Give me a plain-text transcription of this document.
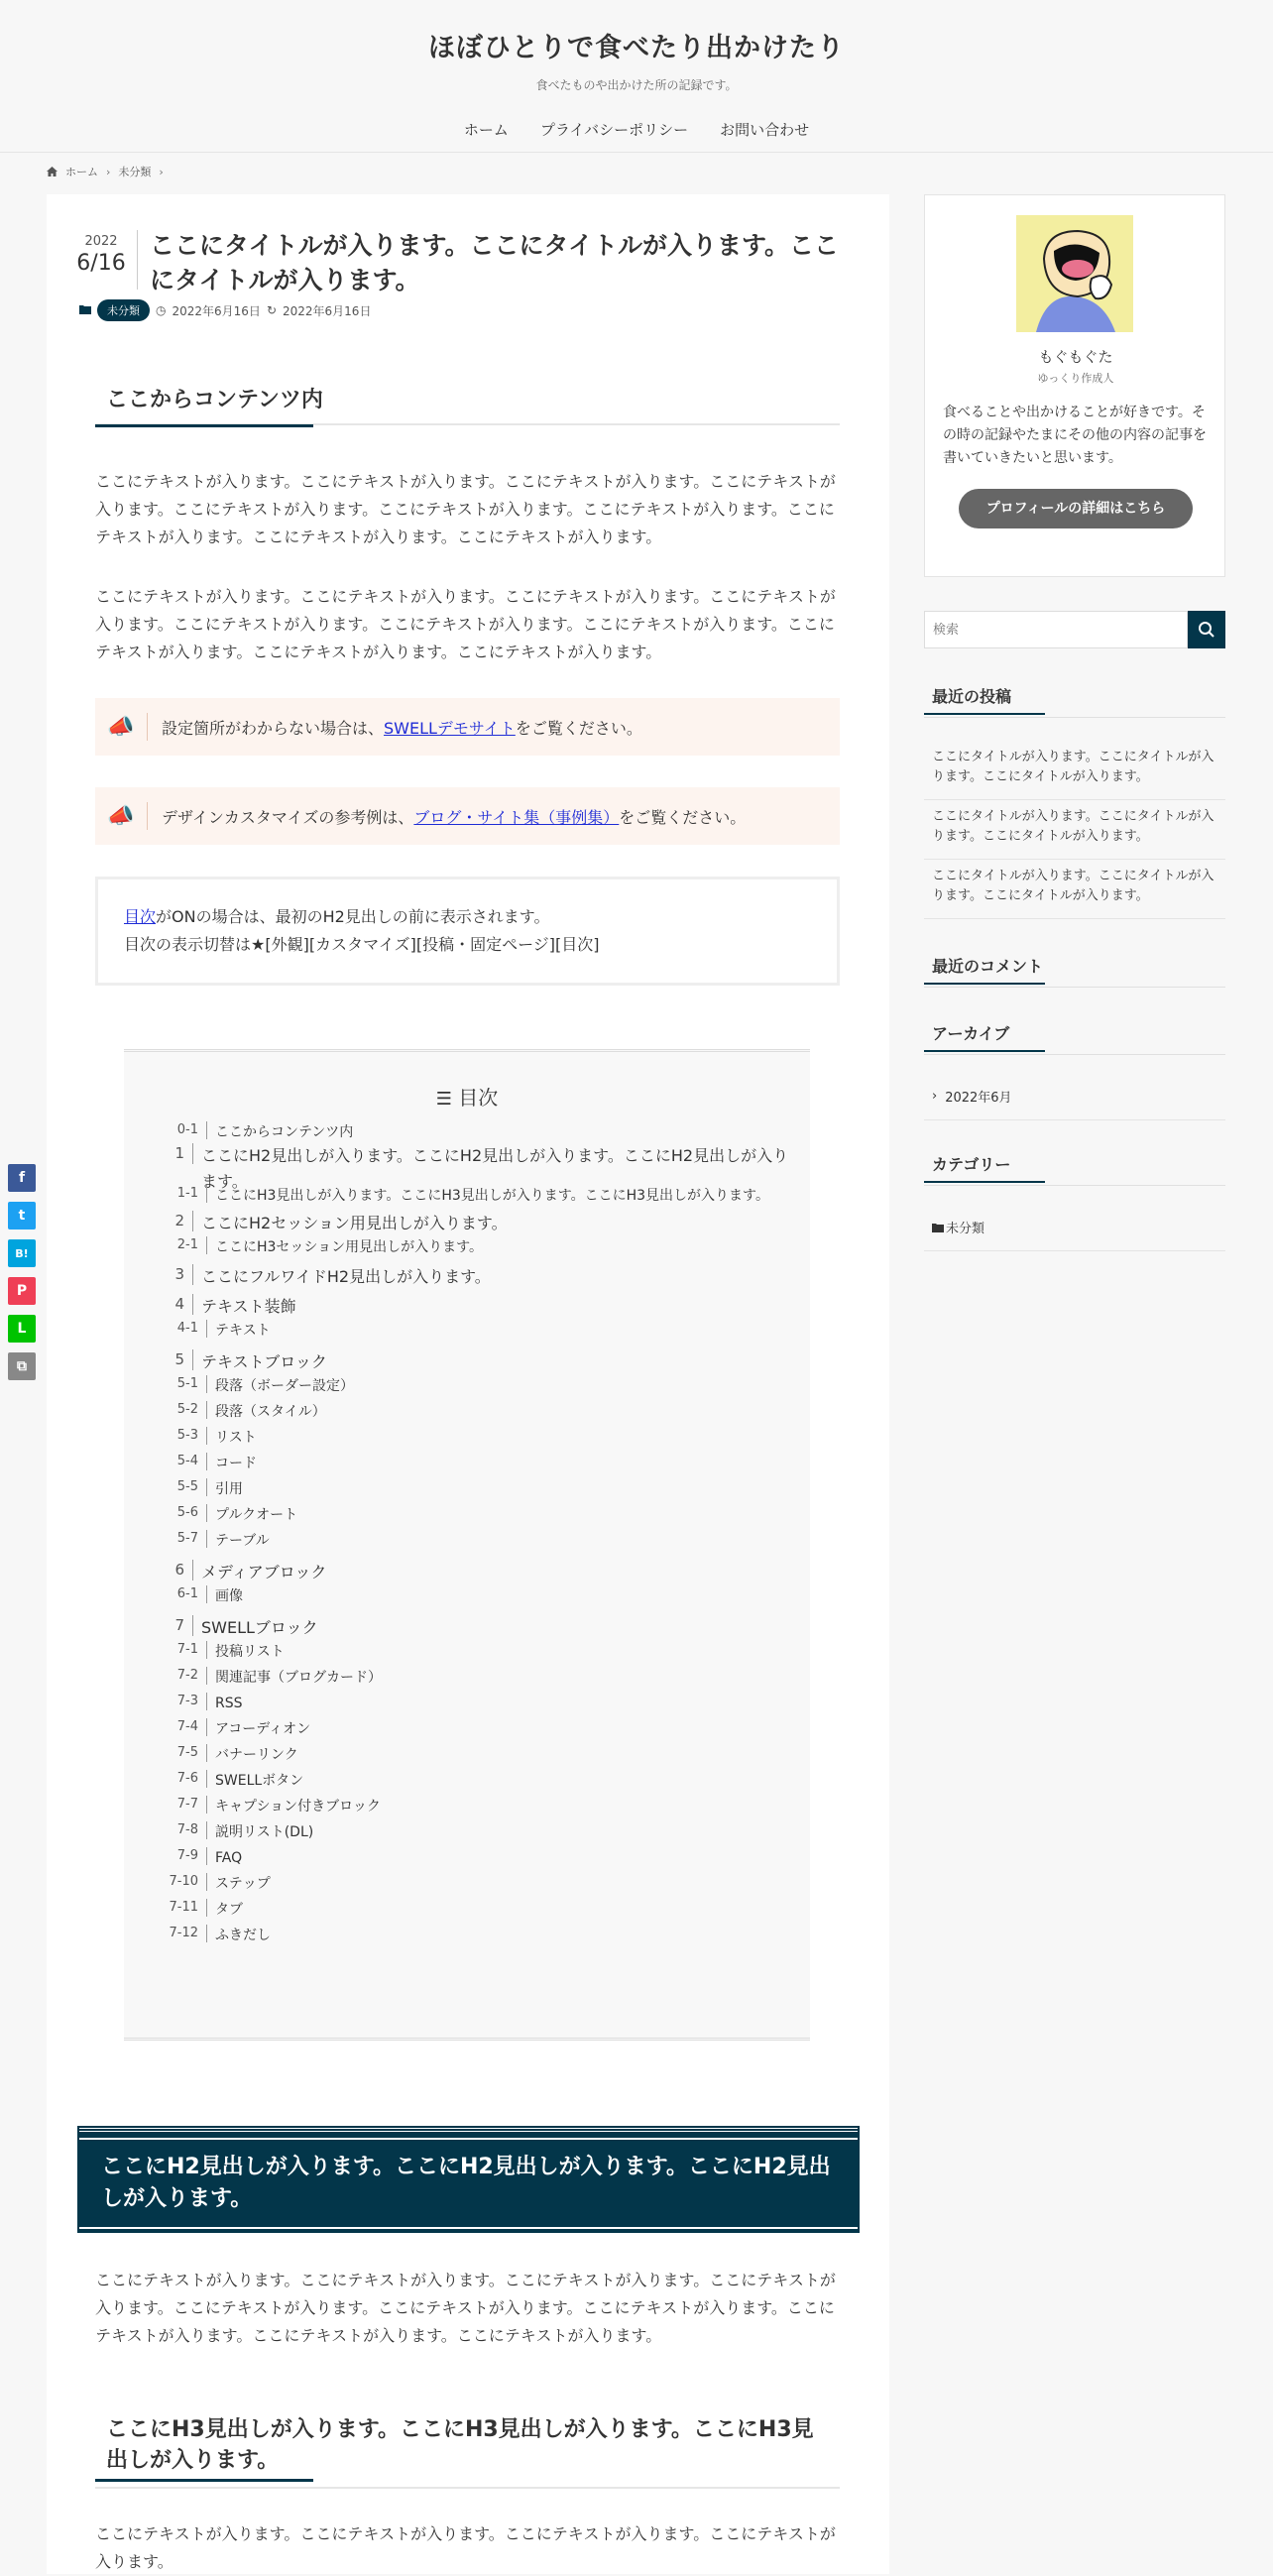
ほぼひとりで食べたり出かけたり
食べたものや出かけた所の記録です。
ホーム	プライバシーポリシー	お問い合わせ
ホーム › 未分類 ›
f
t
B!
P
L
⧉
2022
6/16
ここにタイトルが入ります。ここにタイトルが入ります。ここにタイトルが入ります。
未分類	◷ 2022年6月16日 ↻ 2022年6月16日
ここからコンテンツ内

ここにテキストが入ります。ここにテキストが入ります。ここにテキストが入ります。ここにテキストが入ります。ここにテキストが入ります。ここにテキストが入ります。ここにテキストが入ります。ここにテキストが入ります。ここにテキストが入ります。ここにテキストが入ります。

ここにテキストが入ります。ここにテキストが入ります。ここにテキストが入ります。ここにテキストが入ります。ここにテキストが入ります。ここにテキストが入ります。ここにテキストが入ります。ここにテキストが入ります。ここにテキストが入ります。ここにテキストが入ります。

📣	設定箇所がわからない場合は、SWELLデモサイトをご覧ください。
📣	デザインカスタマイズの参考例は、ブログ・サイト集（事例集）をご覧ください。
目次がONの場合は、最初のH2見出しの前に表示されます。
目次の表示切替は★[外観][カスタマイズ][投稿・固定ページ][目次]
☰ 目次
0-1	ここからコンテンツ内
1	ここにH2見出しが入ります。ここにH2見出しが入ります。ここにH2見出しが入ります。
1-1	ここにH3見出しが入ります。ここにH3見出しが入ります。ここにH3見出しが入ります。
2	ここにH2セッション用見出しが入ります。
2-1	ここにH3セッション用見出しが入ります。
3	ここにフルワイドH2見出しが入ります。
4	テキスト装飾
4-1	テキスト
5	テキストブロック
5-1	段落（ボーダー設定）
5-2	段落（スタイル）
5-3	リスト
5-4	コード
5-5	引用
5-6	プルクオート
5-7	テーブル
6	メディアブロック
6-1	画像
7	SWELLブロック
7-1	投稿リスト
7-2	関連記事（ブログカード）
7-3	RSS
7-4	アコーディオン
7-5	バナーリンク
7-6	SWELLボタン
7-7	キャプション付きブロック
7-8	説明リスト(DL)
7-9	FAQ
7-10	ステップ
7-11	タブ
7-12	ふきだし
ここにH2見出しが入ります。ここにH2見出しが入ります。ここにH2見出しが入ります。

ここにテキストが入ります。ここにテキストが入ります。ここにテキストが入ります。ここにテキストが入ります。ここにテキストが入ります。ここにテキストが入ります。ここにテキストが入ります。ここにテキストが入ります。ここにテキストが入ります。ここにテキストが入ります。

ここにH3見出しが入ります。ここにH3見出しが入ります。ここにH3見出しが入ります。

ここにテキストが入ります。ここにテキストが入ります。ここにテキストが入ります。ここにテキストが入ります。

もぐもぐた
ゆっくり作成人
食べることや出かけることが好きです。その時の記録やたまにその他の内容の記事を書いていきたいと思います。
プロフィールの詳細はこちら
検索
最近の投稿
ここにタイトルが入ります。ここにタイトルが入ります。ここにタイトルが入ります。
ここにタイトルが入ります。ここにタイトルが入ります。ここにタイトルが入ります。
ここにタイトルが入ります。ここにタイトルが入ります。ここにタイトルが入ります。
最近のコメント
アーカイブ
› 2022年6月
カテゴリー
未分類
